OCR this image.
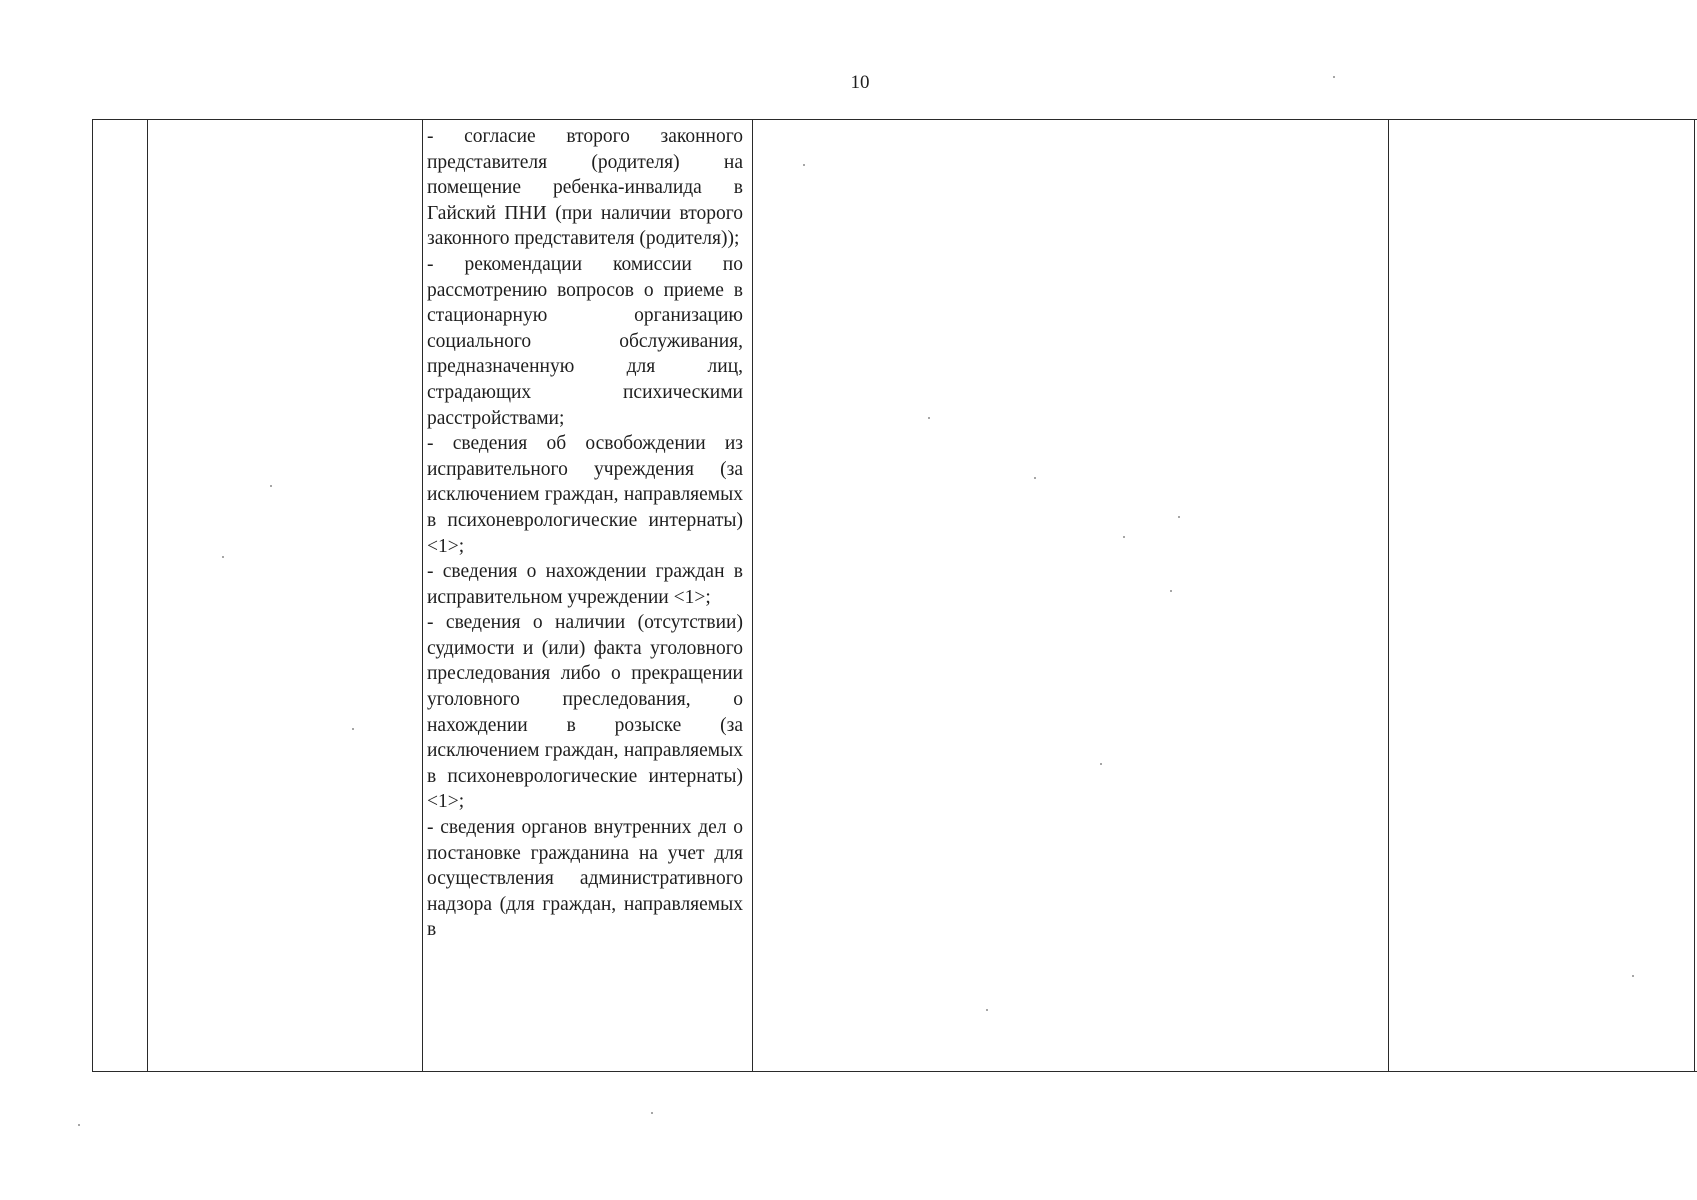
10

- согласие второго законного представителя (родителя) на помещение ребенка-инвалида в Гайский ПНИ (при наличии второго законного представителя (родителя));

- рекомендации комиссии по рассмотрению вопросов о приеме в стационарную организацию социального обслуживания, предназначенную для лиц, страдающих психическими расстройствами;

- сведения об освобождении из исправительного учреждения (за исключением граждан, направляемых в психоневрологические интернаты) <1>;

- сведения о нахождении граждан в исправительном учреждении <1>;

- сведения о наличии (отсутствии) судимости и (или) факта уголовного преследования либо о прекращении уголовного преследования, о нахождении в розыске (за исключением граждан, направляемых в психоневрологические интернаты) <1>;

- сведения органов внутренних дел о постановке гражданина на учет для осуществления административного надзора (для граждан, направляемых в
